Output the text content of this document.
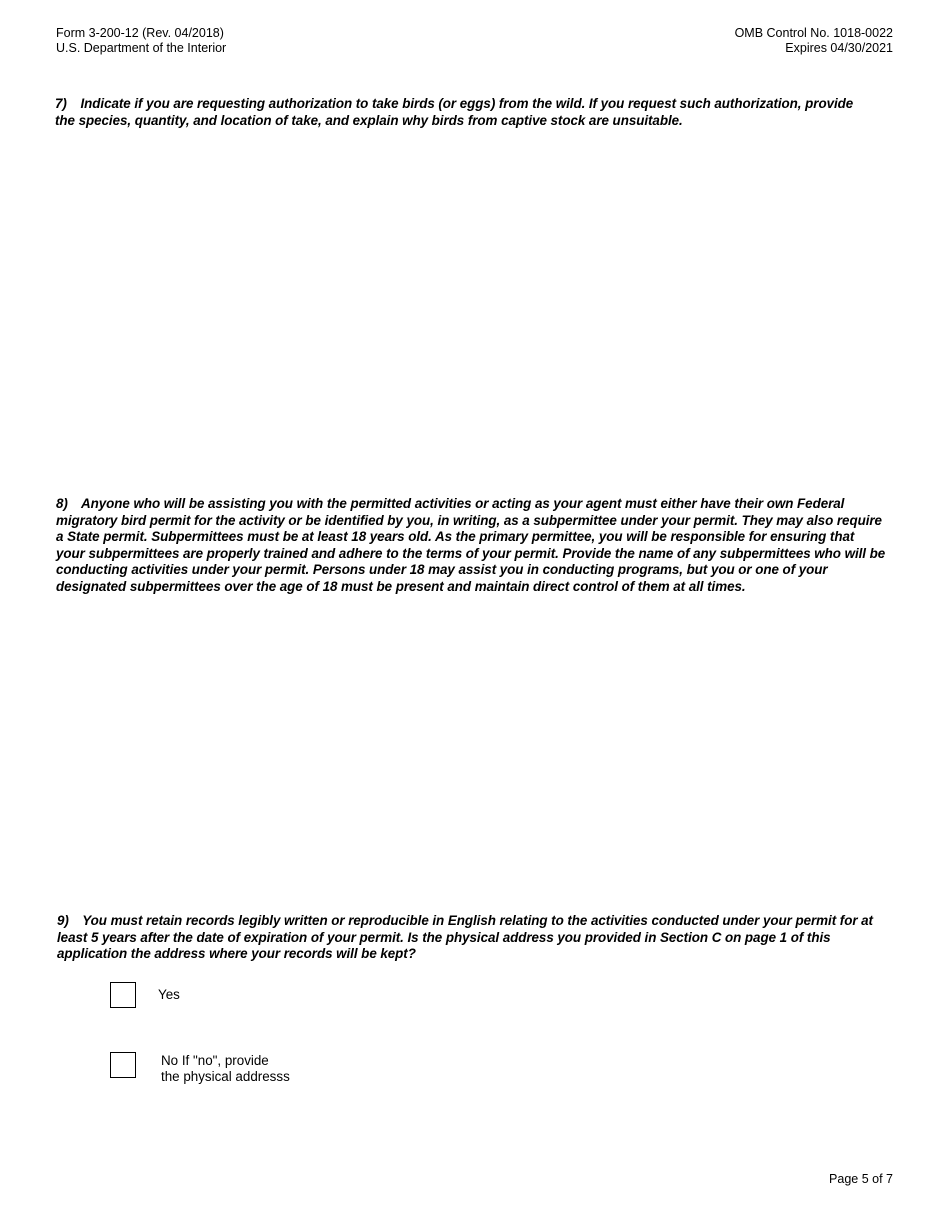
Form 3-200-12 (Rev. 04/2018)
U.S. Department of the Interior
OMB Control No. 1018-0022
Expires 04/30/2021
7) Indicate if you are requesting authorization to take birds (or eggs) from the wild. If you request such authorization, provide the species, quantity, and location of take, and explain why birds from captive stock are unsuitable.
8) Anyone who will be assisting you with the permitted activities or acting as your agent must either have their own Federal migratory bird permit for the activity or be identified by you, in writing, as a subpermittee under your permit. They may also require a State permit. Subpermittees must be at least 18 years old. As the primary permittee, you will be responsible for ensuring that your subpermittees are properly trained and adhere to the terms of your permit. Provide the name of any subpermittees who will be conducting activities under your permit. Persons under 18 may assist you in conducting programs, but you or one of your designated subpermittees over the age of 18 must be present and maintain direct control of them at all times.
9) You must retain records legibly written or reproducible in English relating to the activities conducted under your permit for at least 5 years after the date of expiration of your permit. Is the physical address you provided in Section C on page 1 of this application the address where your records will be kept?
Yes
No If "no", provide
the physical addresss
Page 5 of 7
